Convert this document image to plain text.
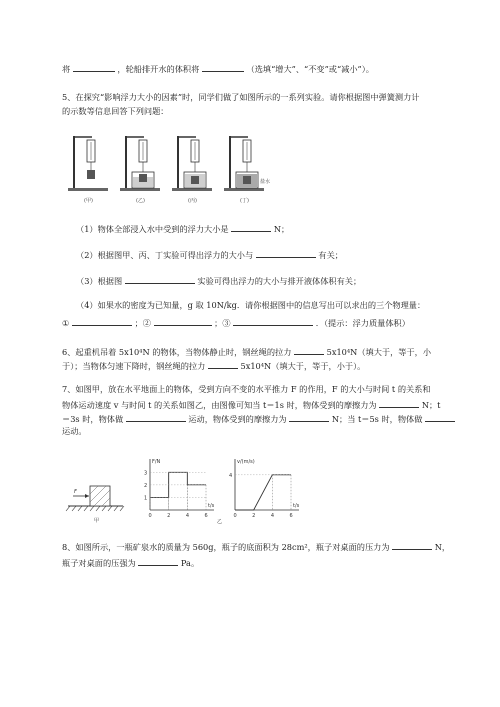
将	，轮船排开水的体积将	（选填“增大”、“不变”或“减小”）。
5、在探究“影响浮力大小的因素”时，同学们做了如图所示的一系列实验。请你根据图中弹簧测力计
的示数等信息回答下列问题：
盐水
(甲)	(乙)	(丙)	(丁)
（1）物体全部浸入水中受到的浮力大小是	N；
（2）根据图甲、丙、丁实验可得出浮力的大小与	有关；
（3）根据图	实验可得出浮力的大小与排开液体体积有关；
（4）如果水的密度为已知量，g 取 10N/kg．请你根据图中的信息写出可以求出的三个物理量：
①	；②	；③	．（提示：浮力质量体积）
6、起重机吊着 5x10⁴N 的物体，当物体静止时，钢丝绳的拉力	5x10⁴N（填大于，等于，小
于）；当物体匀速下降时，钢丝绳的拉力	5x10⁴N（填大于，等于，小于）。
7、如图甲，放在水平地面上的物体，受到方向不变的水平推力 F 的作用，F 的大小与时间 t 的关系和
物体运动速度 v 与时间 t 的关系如图乙，由图像可知当 t＝1s 时，物体受到的摩擦力为	N；t
＝3s 时，物体做	运动，物体受到的摩擦力为	N；当 t＝5s 时，物体做
运动。
F
甲
F/N
t/s
0	2	4	6
1
2
3
v/(m/s)
t/s
0	2	4	6
4
乙
8、如图所示，一瓶矿泉水的质量为 560g，瓶子的底面积为 28cm²，瓶子对桌面的压力为	N，
瓶子对桌面的压强为	Pa。
